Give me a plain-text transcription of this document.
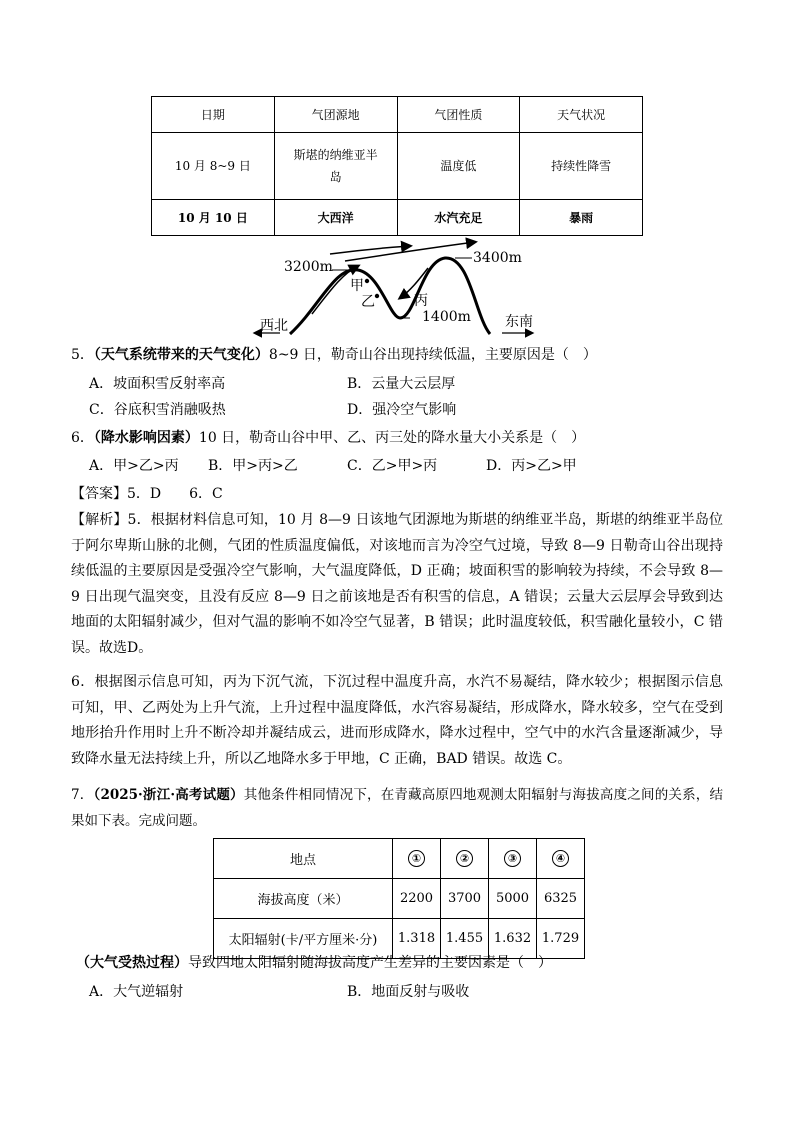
日期	气团源地	气团性质	天气状况
10 月 8~9 日	斯堪的纳维亚半岛	温度低	持续性降雪
10 月 10 日	大西洋	水汽充足	暴雨
3200m
3400m
1400m
甲
乙	丙
西北	东南
5．（天气系统带来的天气变化）8~9 日，勒奇山谷出现持续低温，主要原因是（　）
A．坡面积雪反射率高	B．云量大云层厚
C．谷底积雪消融吸热	D．强冷空气影响
6．（降水影响因素）10 日，勒奇山谷中甲、乙、丙三处的降水量大小关系是（　）
A．甲>乙>丙 B．甲>丙>乙	C．乙>甲>丙	D．丙>乙>甲
【答案】5．D　　6．C
【解析】5．根据材料信息可知，10 月 8—9 日该地气团源地为斯堪的纳维亚半岛，斯堪的纳维亚半岛位于阿尔卑斯山脉的北侧，气团的性质温度偏低，对该地而言为冷空气过境，导致 8—9 日勒奇山谷出现持续低温的主要原因是受强冷空气影响，大气温度降低，D 正确；坡面积雪的影响较为持续，不会导致 8—9 日出现气温突变，且没有反应 8—9 日之前该地是否有积雪的信息，A 错误；云量大云层厚会导致到达地面的太阳辐射减少，但对气温的影响不如冷空气显著，B 错误；此时温度较低，积雪融化量较小，C 错误。故选D。
6．根据图示信息可知，丙为下沉气流，下沉过程中温度升高，水汽不易凝结，降水较少；根据图示信息可知，甲、乙两处为上升气流，上升过程中温度降低，水汽容易凝结，形成降水，降水较多，空气在受到地形抬升作用时上升不断冷却并凝结成云，进而形成降水，降水过程中，空气中的水汽含量逐渐减少，导致降水量无法持续上升，所以乙地降水多于甲地，C 正确，BAD 错误。故选 C。
7．（2025·浙江·高考试题）其他条件相同情况下，在青藏高原四地观测太阳辐射与海拔高度之间的关系，结果如下表。完成问题。
地点	①	②	③	④
海拔高度（米）	2200	3700	5000	6325
太阳辐射(卡/平方厘米·分)	1.318	1.455	1.632	1.729
（大气受热过程）导致四地太阳辐射随海拔高度产生差异的主要因素是（　）
A．大气逆辐射	B．地面反射与吸收
